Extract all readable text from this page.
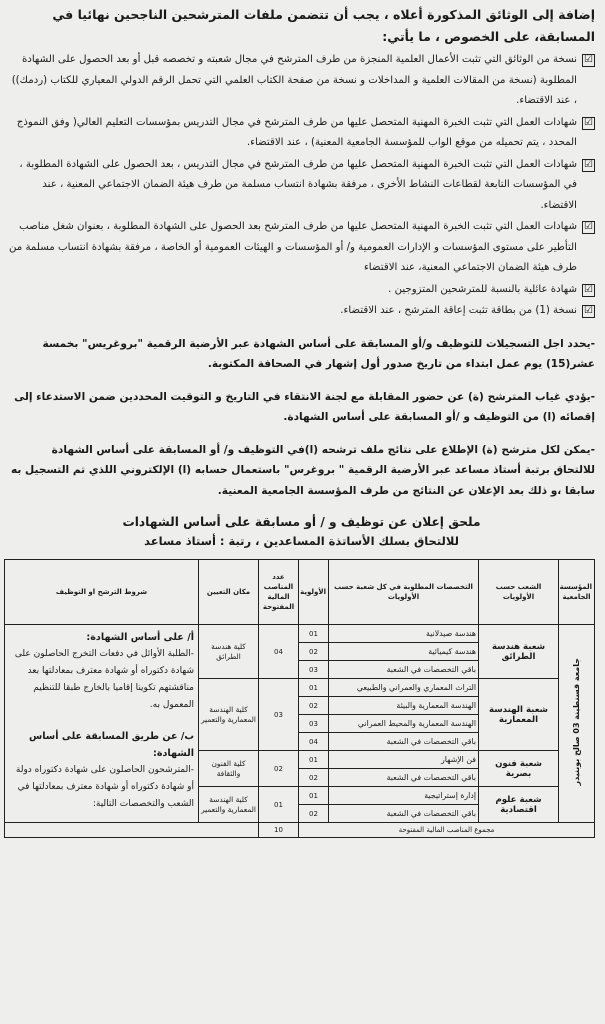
إضافة إلى الوثائق المذكورة أعلاه ، يجب أن تتضمن ملفات المترشحين الناجحين نهائيا في المسابقة، على الخصوص ، ما يأتي:

☑
نسخة من الوثائق التي تثبت الأعمال العلمية المنجزة من طرف المترشح في مجال شعبته و تخصصه قبل أو بعد الحصول على الشهادة المطلوبة (نسخة من المقالات العلمية و المداخلات و نسخة من صفحة الكتاب العلمي التي تحمل الرقم الدولي المعياري للكتاب (ردمك)) ، عند الاقتضاء.
☑
شهادات العمل التي تثبت الخبرة المهنية المتحصل عليها من طرف المترشح في مجال التدريس بمؤسسات التعليم العالي( وفق النموذج المحدد ، يتم تحميله من موقع الواب للمؤسسة الجامعية المعنية) ، عند الاقتضاء.
☑
شهادات العمل التي تثبت الخبرة المهنية المتحصل عليها من طرف المترشح في مجال التدريس ، بعد الحصول على الشهادة المطلوبة ، في المؤسسات التابعة لقطاعات النشاط الأخرى ، مرفقة بشهادة انتساب مسلمة من طرف هيئة الضمان الاجتماعي المعنية ، عند الاقتضاء.
☑
شهادات العمل التي تثبت الخبرة المهنية المتحصل عليها من طرف المترشح بعد الحصول على الشهادة المطلوبة ، بعنوان شغل مناصب التأطير على مستوى المؤسسات و الإدارات العمومية و/ أو المؤسسات و الهيئات العمومية أو الخاصة ، مرفقة بشهادة انتساب مسلمة من طرف هيئة الضمان الاجتماعي المعنية، عند الاقتضاء
☑
شهادة عائلية بالنسبة للمترشحين المتزوجين .
☑
نسخة (1) من بطاقة تثبت إعاقة المترشح ، عند الاقتضاء.

-يحدد اجل التسجيلات للتوظيف و/أو المسابقة على أساس الشهادة عبر الأرضية الرقمية "بروغريس" بخمسة عشر(15) يوم عمل ابتداء من تاريخ صدور أول إشهار في الصحافة المكتوبة.

-يؤدي غياب المترشح (ة) عن حضور المقابلة مع لجنة الانتقاء في التاريخ و التوقيت المحددين ضمن الاستدعاء إلى إقصائه (ا) من التوظيف و /أو المسابقة على أساس الشهادة.

-يمكن لكل مترشح (ة) الإطلاع على نتائج ملف ترشحه (ا)في التوظيف و/ أو المسابقة على أساس الشهادة للالتحاق برتبة أستاذ مساعد عبر الأرضية الرقمية " بروغرس" باستعمال حسابه (ا) الإلكتروني اللذي تم التسجيل به سابقا ،و ذلك بعد الإعلان عن النتائج من طرف المؤسسة الجامعية المعنية.

ملحق إعلان عن توظيف و / أو مسابقة على أساس الشهادات
للالتحاق بسلك الأساتذة المساعدين ، رتبة : أستاذ مساعد
المؤسسة الجامعية	الشعب حسب الأولويات	التخصصات المطلوبة في كل شعبة حسب الأولويات	الأولوية	عدد المناصب المالية المفتوحة	مكان التعيين	شروط الترشح او التوظيف
جامعة قسنطينة 03 صالح بوبنيدر	شعبة هندسة الطرائق	هندسة صيدلانية	01	04	كلية هندسة الطرائق	أ/ على أساس الشهادة:
-الطلبة الأوائل في دفعات التخرج الحاصلون على شهادة دكتوراه أو شهادة معترف بمعادلتها بعد مناقشتهم تكوينا إقاميا بالخارج طبقا للتنظيم المعمول به.
ب/ عن طريق المسابقة على أساس الشهادة:
-المترشحون الحاصلون على شهادة دكتوراه دولة أو شهادة دكتوراه أو شهادة معترف بمعادلتها في الشعب والتخصصات التالية:

		هندسة كيميائية	02			
		باقي التخصصات في الشعبة	03			
	شعبة الهندسة المعمارية	التراث المعماري والعمراني والطبيعي	01	03	كلية الهندسة المعمارية والتعمير	
		الهندسة المعمارية والبيئة	02			
		الهندسة المعمارية والمحيط العمراني	03			
		باقي التخصصات في الشعبة	04			
	شعبة فنون بصرية	فن الإشهار	01	02	كلية الفنون والثقافة	
		باقي التخصصات في الشعبة	02			
	شعبة علوم اقتصادية	إدارة إستراتيجية	01	01	كلية الهندسة المعمارية والتعمير	
		باقي التخصصات في الشعبة	02			
مجموع المناصب المالية المفتوحة				10		
